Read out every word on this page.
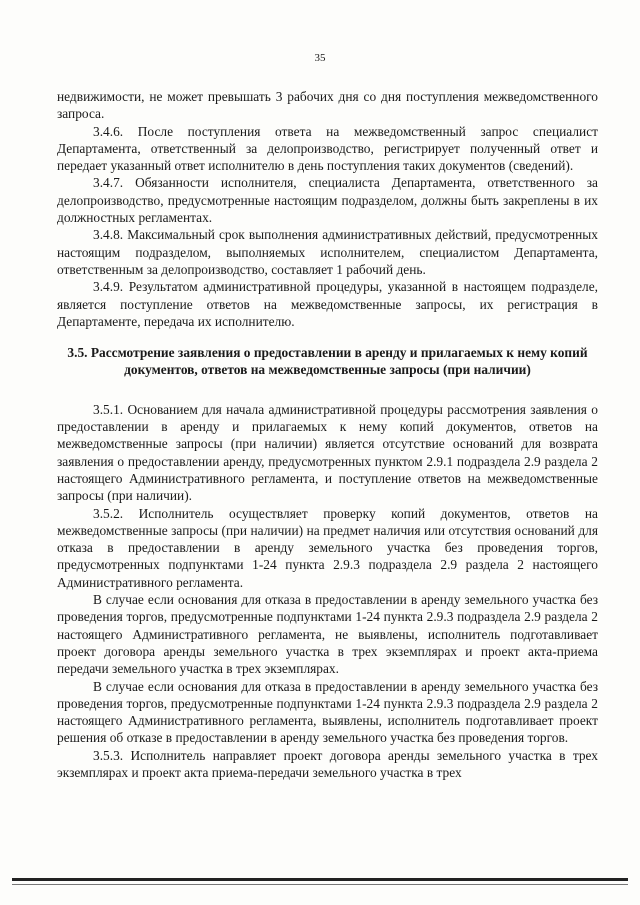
35

недвижимости, не может превышать 3 рабочих дня со дня поступления межведомственного запроса.

3.4.6. После поступления ответа на межведомственный запрос специалист Департамента, ответственный за делопроизводство, регистрирует полученный ответ и передает указанный ответ исполнителю в день поступления таких документов (сведений).

3.4.7. Обязанности исполнителя, специалиста Департамента, ответственного за делопроизводство, предусмотренные настоящим подразделом, должны быть закреплены в их должностных регламентах.

3.4.8. Максимальный срок выполнения административных действий, предусмотренных настоящим подразделом, выполняемых исполнителем, специалистом Департамента, ответственным за делопроизводство, составляет 1 рабочий день.

3.4.9. Результатом административной процедуры, указанной в настоящем подразделе, является поступление ответов на межведомственные запросы, их регистрация в Департаменте, передача их исполнителю.

3.5. Рассмотрение заявления о предоставлении в аренду и прилагаемых к нему копий документов, ответов на межведомственные запросы (при наличии)

3.5.1. Основанием для начала административной процедуры рассмотрения заявления о предоставлении в аренду и прилагаемых к нему копий документов, ответов на межведомственные запросы (при наличии) является отсутствие оснований для возврата заявления о предоставлении аренду, предусмотренных пунктом 2.9.1 подраздела 2.9 раздела 2 настоящего Административного регламента, и поступление ответов на межведомственные запросы (при наличии).

3.5.2. Исполнитель осуществляет проверку копий документов, ответов на межведомственные запросы (при наличии) на предмет наличия или отсутствия оснований для отказа в предоставлении в аренду земельного участка без проведения торгов, предусмотренных подпунктами 1-24 пункта 2.9.3 подраздела 2.9 раздела 2 настоящего Административного регламента.

В случае если основания для отказа в предоставлении в аренду земельного участка без проведения торгов, предусмотренные подпунктами 1-24 пункта 2.9.3 подраздела 2.9 раздела 2 настоящего Административного регламента, не выявлены, исполнитель подготавливает проект договора аренды земельного участка в трех экземплярах и проект акта-приема передачи земельного участка в трех экземплярах.

В случае если основания для отказа в предоставлении в аренду земельного участка без проведения торгов, предусмотренные подпунктами 1-24 пункта 2.9.3 подраздела 2.9 раздела 2 настоящего Административного регламента, выявлены, исполнитель подготавливает проект решения об отказе в предоставлении в аренду земельного участка без проведения торгов.

3.5.3. Исполнитель направляет проект договора аренды земельного участка в трех экземплярах и проект акта приема-передачи земельного участка в трех
